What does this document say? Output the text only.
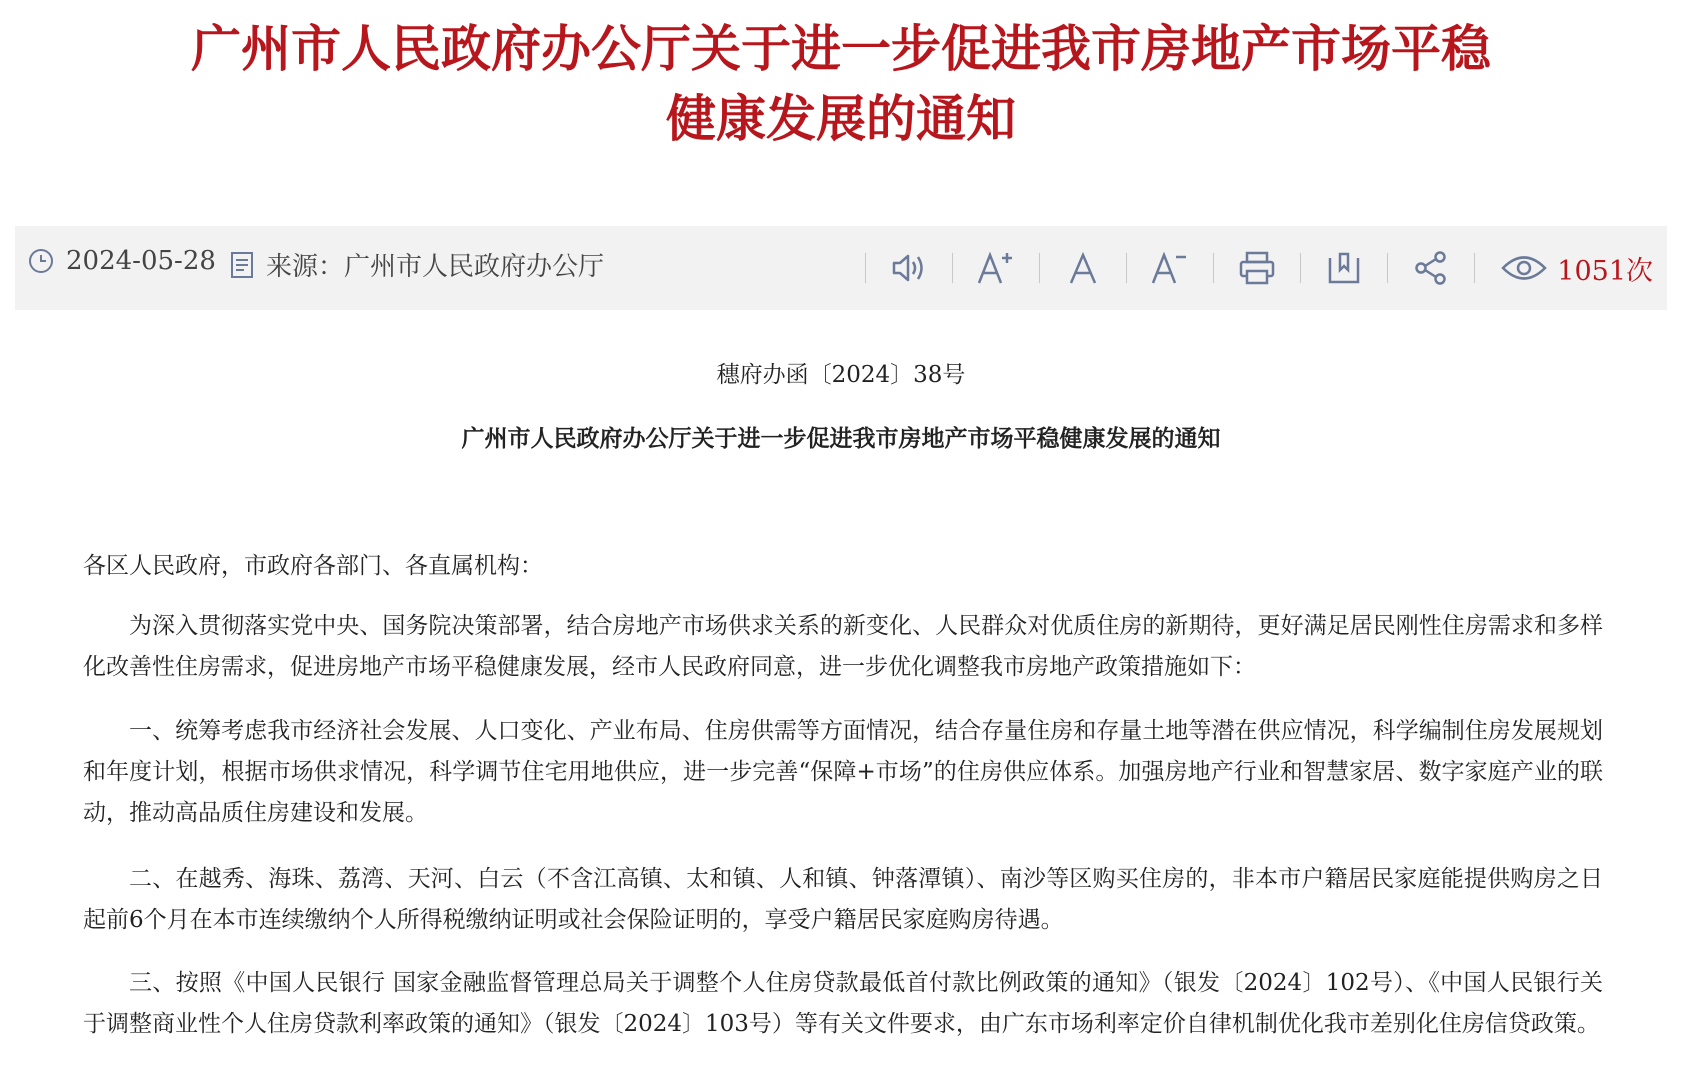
广州市人民政府办公厅关于进一步促进我市房地产市场平稳
健康发展的通知
2024-05-28 来源： 广州市人民政府办公厅	1051次
穗府办函〔2024〕38号
广州市人民政府办公厅关于进一步促进我市房地产市场平稳健康发展的通知
各区人民政府，市政府各部门、各直属机构：

为深入贯彻落实党中央、国务院决策部署，结合房地产市场供求关系的新变化、人民群众对优质住房的新期待，更好满足居民刚性住房需求和多样化改善性住房需求，促进房地产市场平稳健康发展，经市人民政府同意，进一步优化调整我市房地产政策措施如下：

一、统筹考虑我市经济社会发展、人口变化、产业布局、住房供需等方面情况，结合存量住房和存量土地等潜在供应情况，科学编制住房发展规划和年度计划，根据市场供求情况，科学调节住宅用地供应，进一步完善“保障+市场”的住房供应体系。加强房地产行业和智慧家居、数字家庭产业的联动，推动高品质住房建设和发展。

二、在越秀、海珠、荔湾、天河、白云（不含江高镇、太和镇、人和镇、钟落潭镇）、南沙等区购买住房的，非本市户籍居民家庭能提供购房之日起前6个月在本市连续缴纳个人所得税缴纳证明或社会保险证明的，享受户籍居民家庭购房待遇。

三、按照《中国人民银行 国家金融监督管理总局关于调整个人住房贷款最低首付款比例政策的通知》（银发〔2024〕102号）、《中国人民银行关于调整商业性个人住房贷款利率政策的通知》（银发〔2024〕103号）等有关文件要求，由广东市场利率定价自律机制优化我市差别化住房信贷政策。
